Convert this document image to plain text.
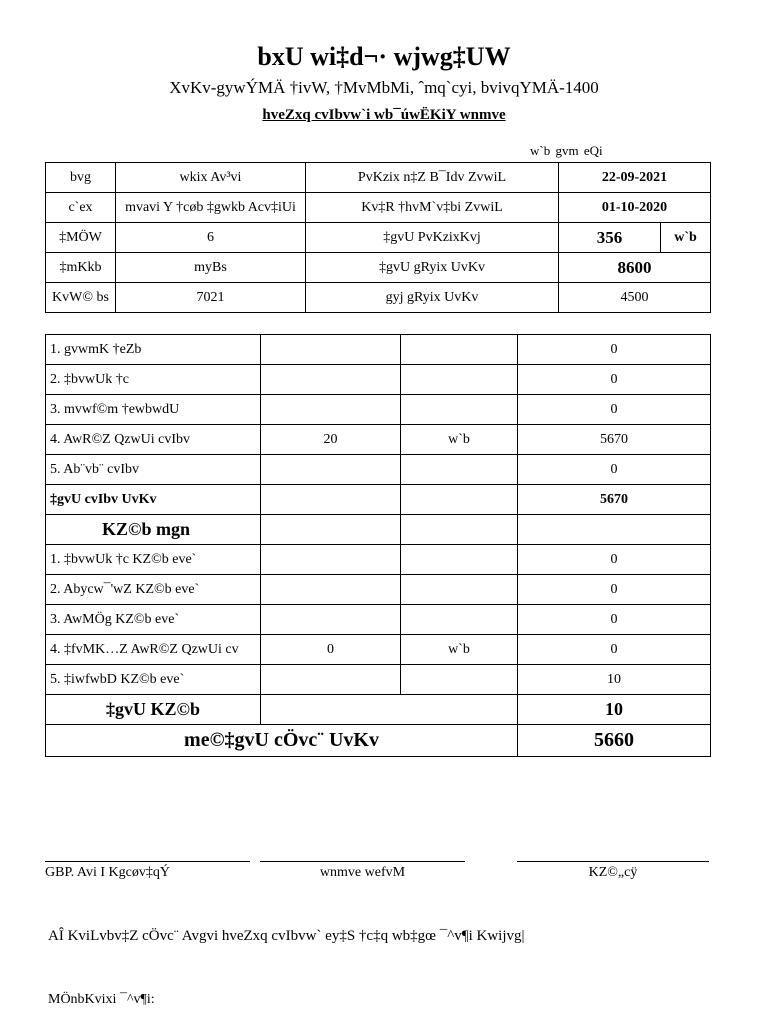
bxU wi‡d¬· wjwg‡UW
XvKv-gywÝMÄ †ivW, †MvMbMi, ˆmq`cyi, bvivqYMÄ-1400
hveZxq cvIbvw`i wb¯úwËKiY wnmve
w`b gvm eQi
bvg	wkix Av³vi	PvKzix n‡Z B¯Idv ZvwiL	22-09-2021	
c`ex	mvavi Y †cøb ‡gwkb Acv‡iUi	Kv‡R †hvM`v‡bi ZvwiL	01-10-2020	
‡MÖW	6	‡gvU PvKzixKvj	356	w`b
‡mKkb	myBs	‡gvU gRyix UvKv	8600	
KvW© bs	7021	gyj gRyix UvKv	4500	
1. gvwmK †eZb			0
2. ‡bvwUk †c			0
3. mvwf©m †ewbwdU			0
4. AwR©Z QzwUi cvIbv	20	w`b	5670
5. Ab¨vb¨ cvIbv			0
‡gvU cvIbv UvKv			5670
KZ©b mgn			
1. ‡bvwUk †c KZ©b eve`			0
2. Abycw¯'wZ KZ©b eve`			0
3. AwMÖg KZ©b eve`			0
4. ‡fvMK…Z AwR©Z QzwUi cv	0	w`b	0
5. ‡iwfwbD KZ©b eve`			10
‡gvU KZ©b			10
me©‡gvU cÖvc¨ UvKv			5660
GBP. Avi I Kgcøv‡qÝ	wnmve wefvM	KZ©„cÿ
AÎ KviLvbv‡Z cÖvc¨ Avgvi hveZxq cvIbvw` ey‡S †c‡q wb‡gœ ¯^v¶i Kwijvg|
MÖnbKvixi ¯^v¶i:
